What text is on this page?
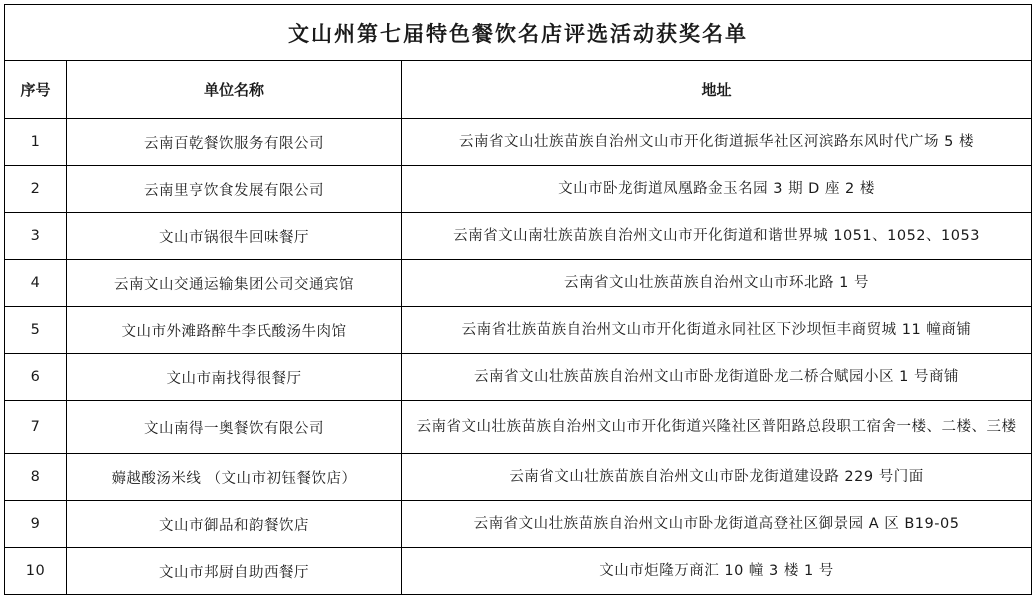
文山州第七届特色餐饮名店评选活动获奖名单		
序号	单位名称	地址
1	云南百乾餐饮服务有限公司	云南省文山壮族苗族自治州文山市开化街道振华社区河滨路东风时代广场 5 楼
2	云南里亨饮食发展有限公司	文山市卧龙街道凤凰路金玉名园 3 期 D 座 2 楼
3	文山市锅很牛回味餐厅	云南省文山南壮族苗族自治州文山市开化街道和谐世界城 1051、1052、1053
4	云南文山交通运输集团公司交通宾馆	云南省文山壮族苗族自治州文山市环北路 1 号
5	文山市外滩路醉牛李氏酸汤牛肉馆	云南省壮族苗族自治州文山市开化街道永同社区下沙坝恒丰商贸城 11 幢商铺
6	文山市南找得很餐厅	云南省文山壮族苗族自治州文山市卧龙街道卧龙二桥合赋园小区 1 号商铺
7	文山南得一奥餐饮有限公司	云南省文山壮族苗族自治州文山市开化街道兴隆社区普阳路总段职工宿舍一楼、二楼、三楼
8	薅越酸汤米线 （文山市初钰餐饮店）	云南省文山壮族苗族自治州文山市卧龙街道建设路 229 号门面
9	文山市御品和韵餐饮店	云南省文山壮族苗族自治州文山市卧龙街道高登社区御景园 A 区 B19-05
10	文山市邦厨自助西餐厅	文山市炬隆万商汇 10 幢 3 楼 1 号
